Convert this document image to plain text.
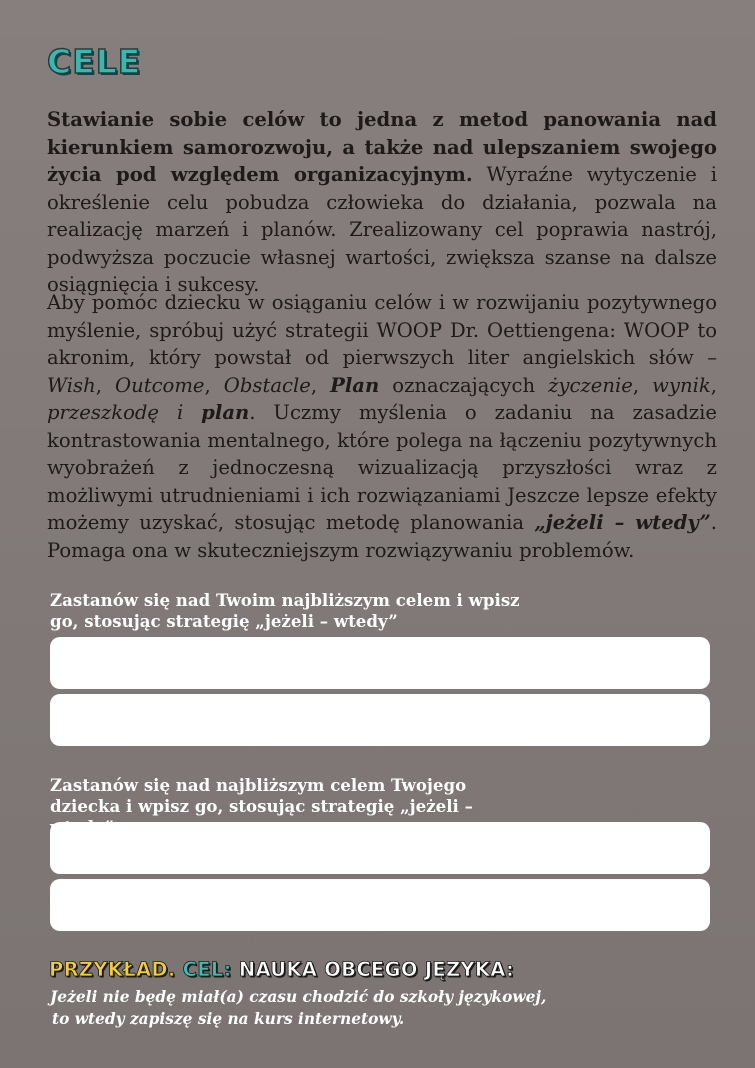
CELE

Stawianie sobie celów to jedna z metod panowania nad kierunkiem samorozwoju, a także nad ulepszaniem swojego życia pod względem organizacyjnym. Wyraźne wytyczenie i określenie celu pobudza człowieka do działania, pozwala na realizację marzeń i planów. Zrealizowany cel poprawia nastrój, podwyższa poczucie własnej wartości, zwiększa szanse na dalsze osiągnięcia i sukcesy.

Aby pomóc dziecku w osiąganiu celów i w rozwijaniu pozytywnego myślenie, spróbuj użyć strategii WOOP Dr. Oettiengena: WOOP to akronim, który powstał od pierwszych liter angielskich słów – Wish, Outcome, Obstacle, Plan oznaczających życzenie, wynik, przeszkodę i plan. Uczmy myślenia o zadaniu na zasadzie kontrastowania mentalnego, które polega na łączeniu pozytywnych wyobrażeń z jednoczesną wizualizacją przyszłości wraz z możliwymi utrudnieniami i ich rozwiązaniami Jeszcze lepsze efekty możemy uzyskać, stosując metodę planowania „jeżeli – wtedy”. Pomaga ona w skuteczniejszym rozwiązywaniu problemów.

Zastanów się nad Twoim najbliższym celem i wpisz go, stosując strategię „jeżeli – wtedy”

Zastanów się nad najbliższym celem Twojego dziecka i wpisz go, stosując strategię „jeżeli –

PRZYKŁAD. CEL: NAUKA OBCEGO JĘZYKA:

Jeżeli nie będę miał(a) czasu chodzić do szkoły językowej,
to wtedy zapiszę się na kurs internetowy.
